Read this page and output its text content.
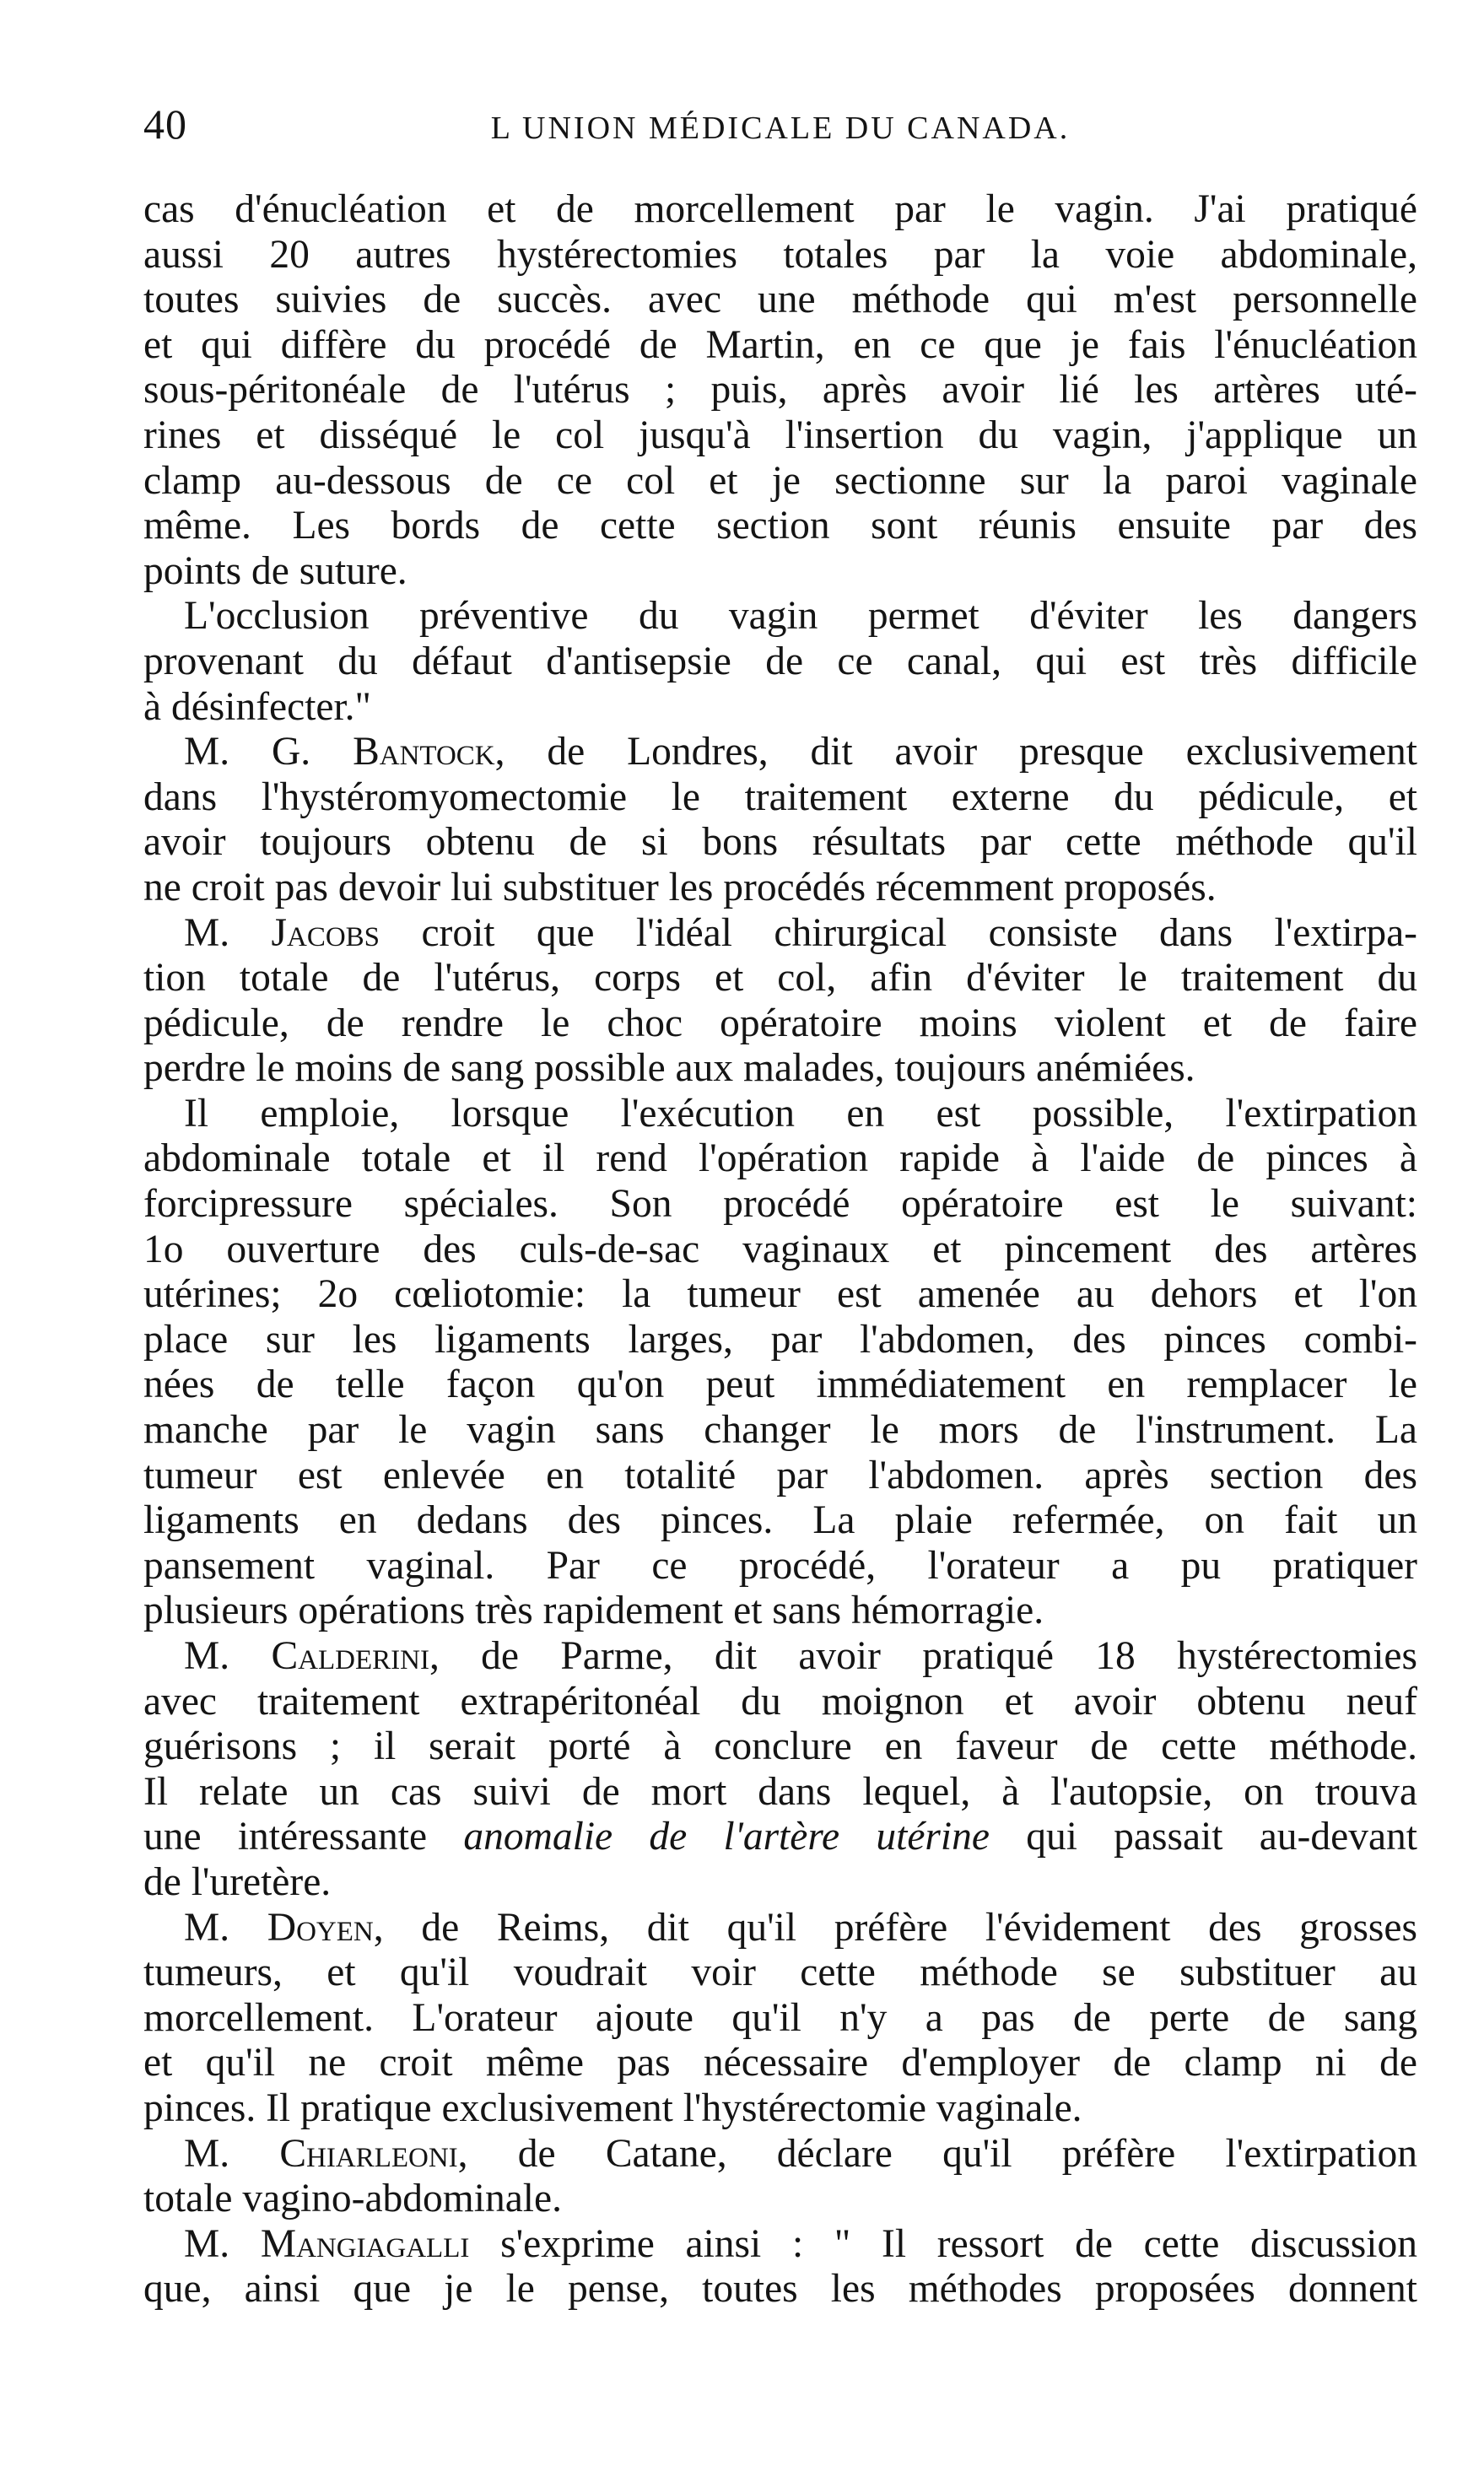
40	L UNION MÉDICALE DU CANADA.
cas d'énucléation et de morcellement par le vagin. J'ai pratiqué
aussi 20 autres hystérectomies totales par la voie abdominale,
toutes suivies de succès. avec une méthode qui m'est personnelle
et qui diffère du procédé de Martin, en ce que je fais l'énucléation
sous-péritonéale de l'utérus ; puis, après avoir lié les artères uté-
rines et disséqué le col jusqu'à l'insertion du vagin, j'applique un
clamp au-dessous de ce col et je sectionne sur la paroi vaginale
même. Les bords de cette section sont réunis ensuite par des
points de suture.
L'occlusion préventive du vagin permet d'éviter les dangers
provenant du défaut d'antisepsie de ce canal, qui est très difficile
à désinfecter."
M. G. Bantock, de Londres, dit avoir presque exclusivement
dans l'hystéromyomectomie le traitement externe du pédicule, et
avoir toujours obtenu de si bons résultats par cette méthode qu'il
ne croit pas devoir lui substituer les procédés récemment proposés.
M. Jacobs croit que l'idéal chirurgical consiste dans l'extirpa-
tion totale de l'utérus, corps et col, afin d'éviter le traitement du
pédicule, de rendre le choc opératoire moins violent et de faire
perdre le moins de sang possible aux malades, toujours anémiées.
Il emploie, lorsque l'exécution en est possible, l'extirpation
abdominale totale et il rend l'opération rapide à l'aide de pinces à
forcipressure spéciales. Son procédé opératoire est le suivant:
1o ouverture des culs-de-sac vaginaux et pincement des artères
utérines; 2o cœliotomie: la tumeur est amenée au dehors et l'on
place sur les ligaments larges, par l'abdomen, des pinces combi-
nées de telle façon qu'on peut immédiatement en remplacer le
manche par le vagin sans changer le mors de l'instrument. La
tumeur est enlevée en totalité par l'abdomen. après section des
ligaments en dedans des pinces. La plaie refermée, on fait un
pansement vaginal. Par ce procédé, l'orateur a pu pratiquer
plusieurs opérations très rapidement et sans hémorragie.
M. Calderini, de Parme, dit avoir pratiqué 18 hystérectomies
avec traitement extrapéritonéal du moignon et avoir obtenu neuf
guérisons ; il serait porté à conclure en faveur de cette méthode.
Il relate un cas suivi de mort dans lequel, à l'autopsie, on trouva
une intéressante anomalie de l'artère utérine qui passait au-devant
de l'uretère.
M. Doyen, de Reims, dit qu'il préfère l'évidement des grosses
tumeurs, et qu'il voudrait voir cette méthode se substituer au
morcellement. L'orateur ajoute qu'il n'y a pas de perte de sang
et qu'il ne croit même pas nécessaire d'employer de clamp ni de
pinces. Il pratique exclusivement l'hystérectomie vaginale.
M. Chiarleoni, de Catane, déclare qu'il préfère l'extirpation
totale vagino-abdominale.
M. Mangiagalli s'exprime ainsi : " Il ressort de cette discussion
que, ainsi que je le pense, toutes les méthodes proposées donnent
